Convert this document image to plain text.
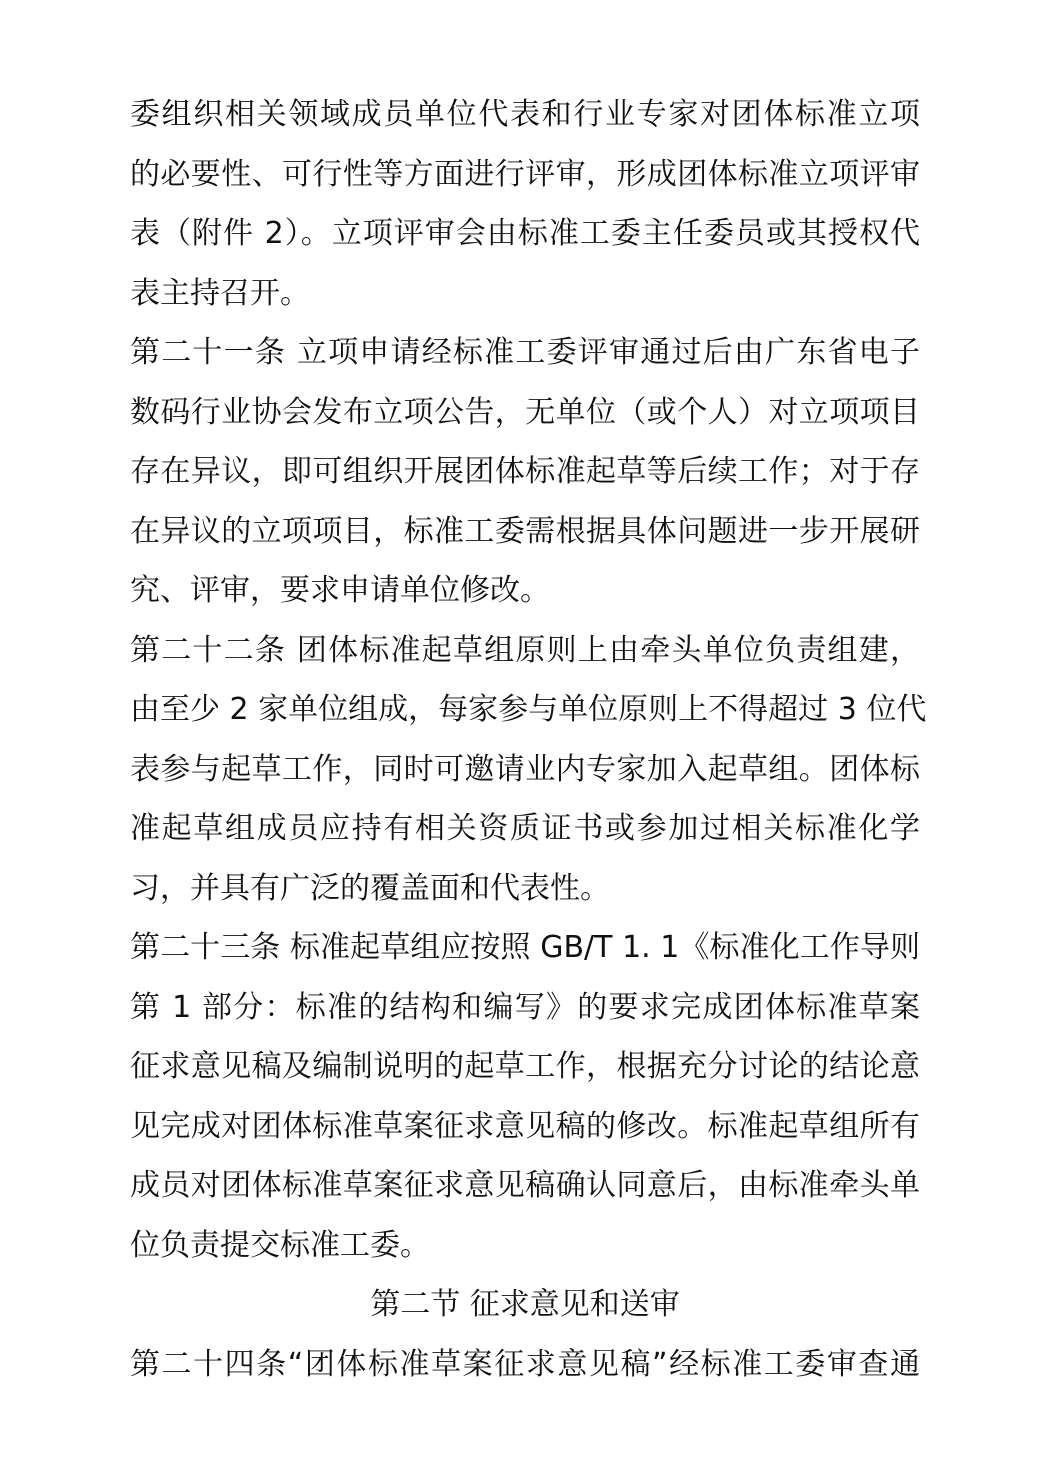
委组织相关领域成员单位代表和行业专家对团体标准立项
的必要性、可行性等方面进行评审，形成团体标准立项评审
表（附件 2）。立项评审会由标准工委主任委员或其授权代
表主持召开。
第二十一条 立项申请经标准工委评审通过后由广东省电子
数码行业协会发布立项公告，无单位（或个人）对立项项目
存在异议，即可组织开展团体标准起草等后续工作；对于存
在异议的立项项目，标准工委需根据具体问题进一步开展研
究、评审，要求申请单位修改。
第二十二条 团体标准起草组原则上由牵头单位负责组建，
由至少 2 家单位组成，每家参与单位原则上不得超过 3 位代
表参与起草工作，同时可邀请业内专家加入起草组。团体标
准起草组成员应持有相关资质证书或参加过相关标准化学
习，并具有广泛的覆盖面和代表性。
第二十三条 标准起草组应按照 GB/T 1. 1《标准化工作导则
第 1 部分：标准的结构和编写》的要求完成团体标准草案
征求意见稿及编制说明的起草工作，根据充分讨论的结论意
见完成对团体标准草案征求意见稿的修改。标准起草组所有
成员对团体标准草案征求意见稿确认同意后，由标准牵头单
位负责提交标准工委。
第二节 征求意见和送审
第二十四条“团体标准草案征求意见稿”经标准工委审查通
